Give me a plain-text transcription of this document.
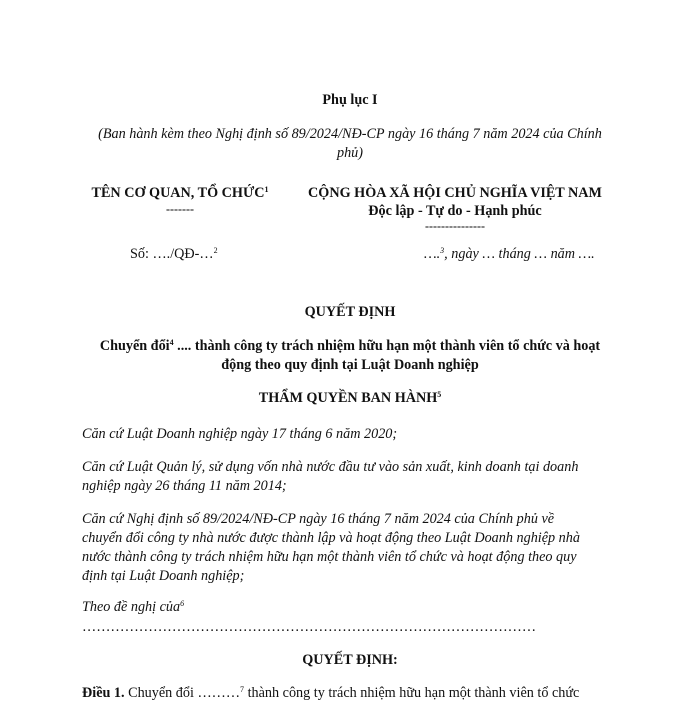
Phụ lục I
(Ban hành kèm theo Nghị định số 89/2024/NĐ-CP ngày 16 tháng 7 năm 2024 của Chính
phủ)
TÊN CƠ QUAN, TỔ CHỨC$^1$
-------
CỘNG HÒA XÃ HỘI CHỦ NGHĨA VIỆT NAM
Độc lập - Tự do - Hạnh phúc
---------------
Số: …./QĐ-…$^2$	….$^3$, ngày … tháng … năm ….
QUYẾT ĐỊNH
Chuyển đổi$^4$ .... thành công ty trách nhiệm hữu hạn một thành viên tổ chức và hoạt
động theo quy định tại Luật Doanh nghiệp
THẨM QUYỀN BAN HÀNH$^5$
Căn cứ Luật Doanh nghiệp ngày 17 tháng 6 năm 2020;
Căn cứ Luật Quản lý, sử dụng vốn nhà nước đầu tư vào sản xuất, kinh doanh tại doanh
nghiệp ngày 26 tháng 11 năm 2014;
Căn cứ Nghị định số 89/2024/NĐ-CP ngày 16 tháng 7 năm 2024 của Chính phủ về
chuyển đổi công ty nhà nước được thành lập và hoạt động theo Luật Doanh nghiệp nhà
nước thành công ty trách nhiệm hữu hạn một thành viên tổ chức và hoạt động theo quy
định tại Luật Doanh nghiệp;
Theo đề nghị của$^6$
……………………………………………………………………………………
QUYẾT ĐỊNH:
Điều 1. Chuyển đổi ………$^7$ thành công ty trách nhiệm hữu hạn một thành viên tổ chức
